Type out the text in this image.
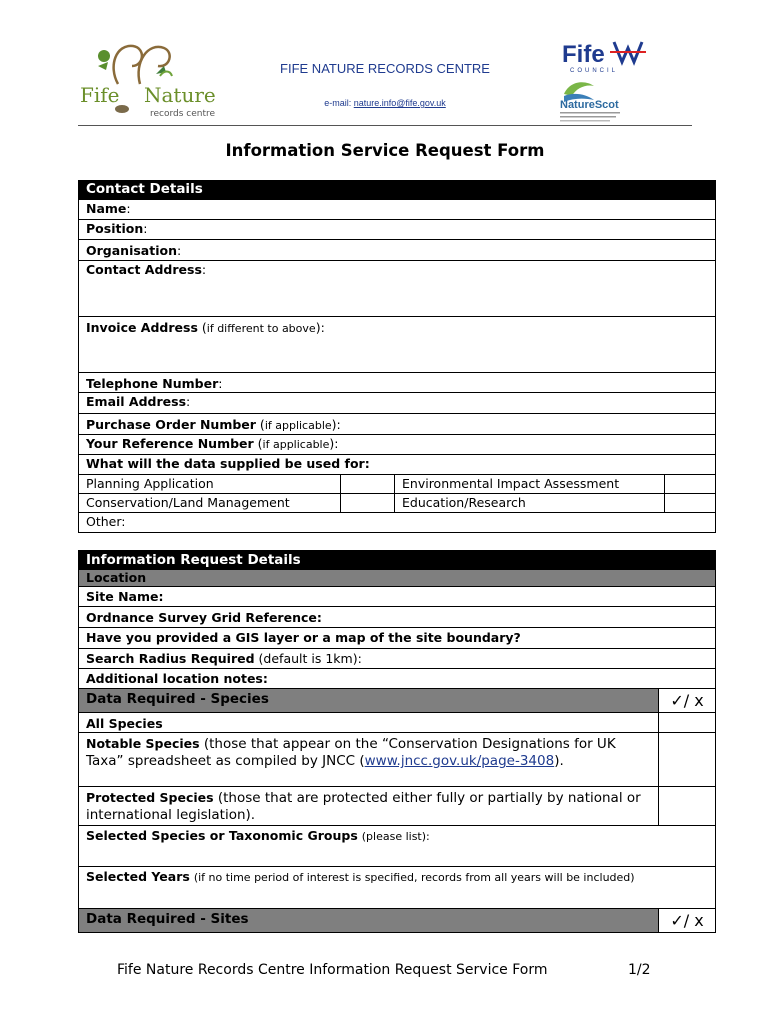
Fife Nature
records centre
FIFE NATURE RECORDS CENTRE
e-mail: nature.info@fife.gov.uk
Fife
COUNCIL
NatureScot
Information Service Request Form
Contact Details			
Name:			
Position:			
Organisation:			
Contact Address:			
Invoice Address (if different to above):			
Telephone Number:			
Email Address:			
Purchase Order Number (if applicable):			
Your Reference Number (if applicable):			
What will the data supplied be used for:			
Planning Application		Environmental Impact Assessment	
Conservation/Land Management		Education/Research	
Other:			
Information Request Details	
Location	
Site Name:	
Ordnance Survey Grid Reference:	
Have you provided a GIS layer or a map of the site boundary?	
Search Radius Required (default is 1km):	
Additional location notes:	
Data Required - Species	✓/ x
All Species	
Notable Species (those that appear on the “Conservation Designations for UK Taxa” spreadsheet as compiled by JNCC (www.jncc.gov.uk/page-3408).	
Protected Species (those that are protected either fully or partially by national or international legislation).	
Selected Species or Taxonomic Groups (please list):	
Selected Years (if no time period of interest is specified, records from all years will be included)	
Data Required - Sites	✓/ x
Fife Nature Records Centre Information Request Service Form	1/2
